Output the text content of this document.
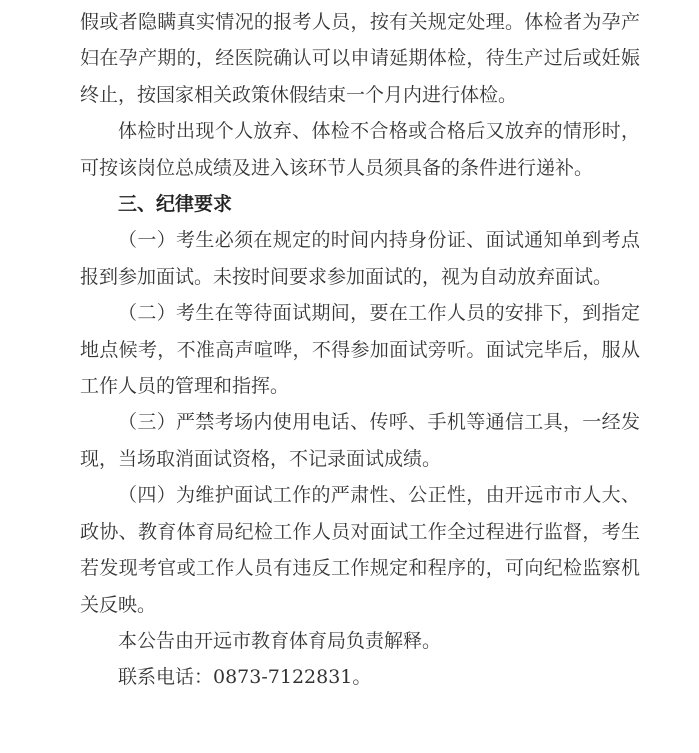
假或者隐瞒真实情况的报考人员，按有关规定处理。体检者为孕产妇在孕产期的，经医院确认可以申请延期体检，待生产过后或妊娠终止，按国家相关政策休假结束一个月内进行体检。

体检时出现个人放弃、体检不合格或合格后又放弃的情形时，可按该岗位总成绩及进入该环节人员须具备的条件进行递补。

三、纪律要求

（一）考生必须在规定的时间内持身份证、面试通知单到考点报到参加面试。未按时间要求参加面试的，视为自动放弃面试。

（二）考生在等待面试期间，要在工作人员的安排下，到指定地点候考，不准高声喧哗，不得参加面试旁听。面试完毕后，服从工作人员的管理和指挥。

（三）严禁考场内使用电话、传呼、手机等通信工具，一经发现，当场取消面试资格，不记录面试成绩。

（四）为维护面试工作的严肃性、公正性，由开远市市人大、政协、教育体育局纪检工作人员对面试工作全过程进行监督，考生若发现考官或工作人员有违反工作规定和程序的，可向纪检监察机关反映。

本公告由开远市教育体育局负责解释。

联系电话：0873-7122831。
